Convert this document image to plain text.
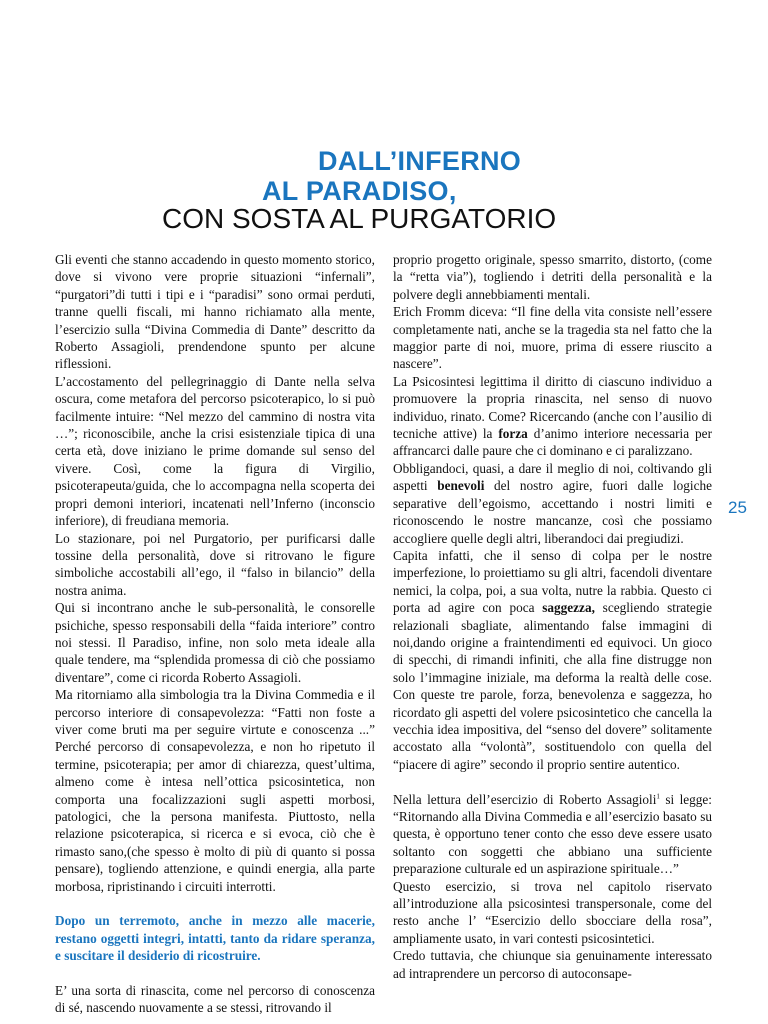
DALL’INFERNO
AL PARADISO,
CON SOSTA AL PURGATORIO

Gli eventi che stanno accadendo in questo momento storico, dove si vivono vere proprie situazioni “infernali”, “purgatori”di tutti i tipi e i “paradisi” sono ormai perduti, tranne quelli fiscali, mi hanno richiamato alla mente, l’esercizio sulla “Divina Commedia di Dante” descritto da Roberto Assagioli, prendendone spunto per alcune riflessioni.

L’accostamento del pellegrinaggio di Dante nella selva oscura, come metafora del percorso psicoterapico, lo si può facilmente intuire: “Nel mezzo del cammino di nostra vita …”; riconoscibile, anche la crisi esistenziale tipica di una certa età, dove iniziano le prime domande sul senso del vivere. Così, come la figura di Virgilio, psicoterapeuta/guida, che lo accompagna nella scoperta dei propri demoni interiori, incatenati nell’Inferno (inconscio inferiore), di freudiana memoria.

Lo stazionare, poi nel Purgatorio, per purificarsi dalle tossine della personalità, dove si ritrovano le figure simboliche accostabili all’ego, il “falso in bilancio” della nostra anima.

Qui si incontrano anche le sub-personalità, le consorelle psichiche, spesso responsabili della “faida interiore” contro noi stessi. Il Paradiso, infine, non solo meta ideale alla quale tendere, ma “splendida promessa di ciò che possiamo diventare”, come ci ricorda Roberto Assagioli.

Ma ritorniamo alla simbologia tra la Divina Commedia e il percorso interiore di consapevolezza: “Fatti non foste a viver come bruti ma per seguire virtute e conoscenza ...” Perché percorso di consapevolezza, e non ho ripetuto il termine, psicoterapia; per amor di chiarezza, quest’ultima, almeno come è intesa nell’ottica psicosintetica, non comporta una focalizzazioni sugli aspetti morbosi, patologici, che la persona manifesta. Piuttosto, nella relazione psicoterapica, si ricerca e si evoca, ciò che è rimasto sano,(che spesso è molto di più di quanto si possa pensare), togliendo attenzione, e quindi energia, alla parte morbosa, ripristinando i circuiti interrotti.

Dopo un terremoto, anche in mezzo alle macerie, restano oggetti integri, intatti, tanto da ridare speranza, e suscitare il desiderio di ricostruire.

E’ una sorta di rinascita, come nel percorso di conoscenza di sé, nascendo nuovamente a se stessi, ritrovando il

proprio progetto originale, spesso smarrito, distorto, (come la “retta via”), togliendo i detriti della personalità e la polvere degli annebbiamenti mentali.

Erich Fromm diceva: “Il fine della vita consiste nell’essere completamente nati, anche se la tragedia sta nel fatto che la maggior parte di noi, muore, prima di essere riuscito a nascere”.

La Psicosintesi legittima il diritto di ciascuno individuo a promuovere la propria rinascita, nel senso di nuovo individuo, rinato. Come? Ricercando (anche con l’ausilio di tecniche attive) la forza d’animo interiore necessaria per affrancarci dalle paure che ci dominano e ci paralizzano.

Obbligandoci, quasi, a dare il meglio di noi, coltivando gli aspetti benevoli del nostro agire, fuori dalle logiche separative dell’egoismo, accettando i nostri limiti e riconoscendo le nostre mancanze, così che possiamo accogliere quelle degli altri, liberandoci dai pregiudizi.

Capita infatti, che il senso di colpa per le nostre imperfezione, lo proiettiamo su gli altri, facendoli diventare nemici, la colpa, poi, a sua volta, nutre la rabbia. Questo ci porta ad agire con poca saggezza, scegliendo strategie relazionali sbagliate, alimentando false immagini di noi,dando origine a fraintendimenti ed equivoci. Un gioco di specchi, di rimandi infiniti, che alla fine distrugge non solo l’immagine iniziale, ma deforma la realtà delle cose. Con queste tre parole, forza, benevolenza e saggezza, ho ricordato gli aspetti del volere psicosintetico che cancella la vecchia idea impositiva, del “senso del dovere” solitamente accostato alla “volontà”, sostituendolo con quella del “piacere di agire” secondo il proprio sentire autentico.

Nella lettura dell’esercizio di Roberto Assagioli$^1$ si legge: “Ritornando alla Divina Commedia e all’esercizio basato su questa, è opportuno tener conto che esso deve essere usato soltanto con soggetti che abbiano una sufficiente preparazione culturale ed un aspirazione spirituale…”

Questo esercizio, si trova nel capitolo riservato all’introduzione alla psicosintesi transpersonale, come del resto anche l’ “Esercizio dello sbocciare della rosa”, ampliamente usato, in vari contesti psicosintetici.

Credo tuttavia, che chiunque sia genuinamente interessato ad intraprendere un percorso di autoconsape-

25
